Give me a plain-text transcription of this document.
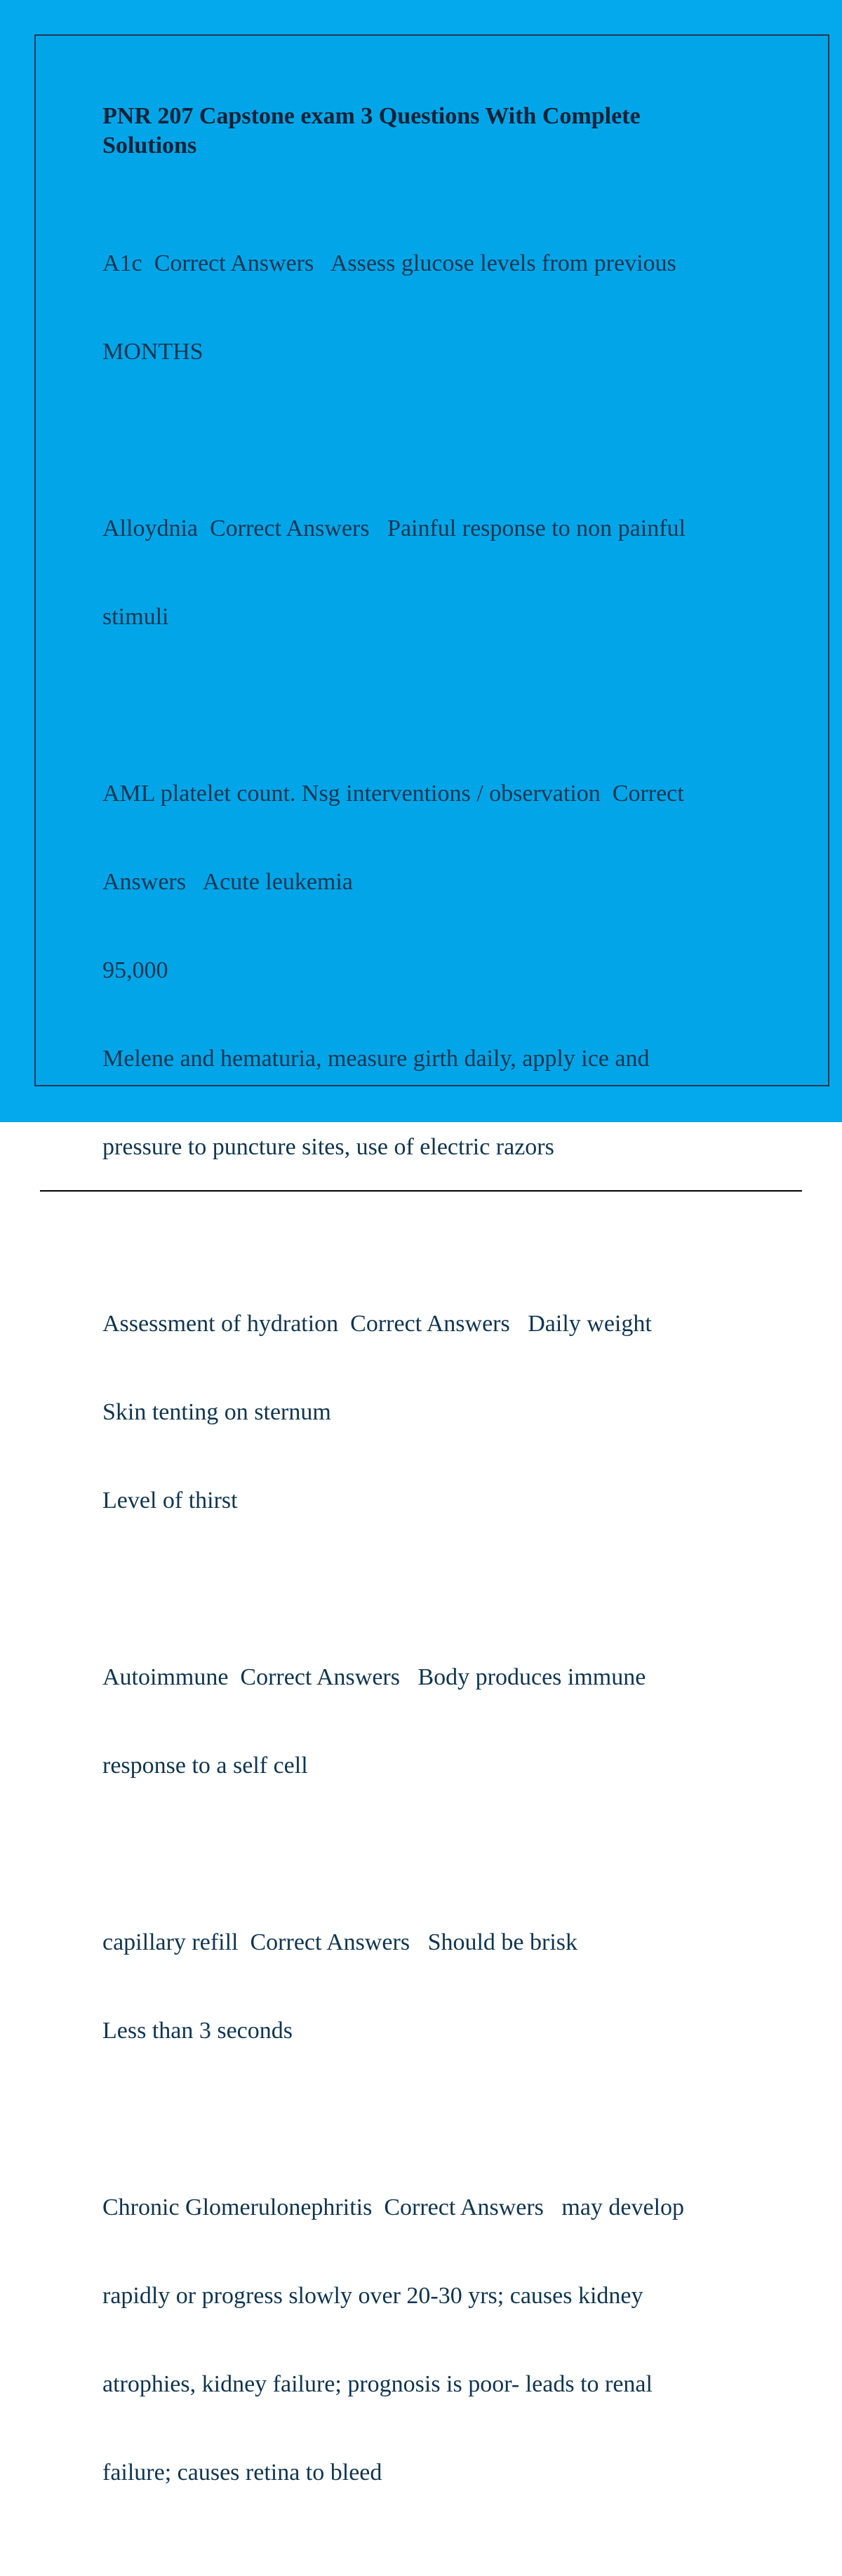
PNR 207 Capstone exam 3 Questions With Complete
Solutions

A1c  Correct Answers   Assess glucose levels from previous

MONTHS

Alloydnia  Correct Answers   Painful response to non painful

stimuli

AML platelet count. Nsg interventions / observation  Correct

Answers   Acute leukemia

95,000

Melene and hematuria, measure girth daily, apply ice and

pressure to puncture sites, use of electric razors

Assessment of hydration  Correct Answers   Daily weight

Skin tenting on sternum

Level of thirst

Autoimmune  Correct Answers   Body produces immune

response to a self cell

capillary refill  Correct Answers   Should be brisk

Less than 3 seconds

Chronic Glomerulonephritis  Correct Answers   may develop

rapidly or progress slowly over 20-30 yrs; causes kidney

atrophies, kidney failure; prognosis is poor- leads to renal

failure; causes retina to bleed
